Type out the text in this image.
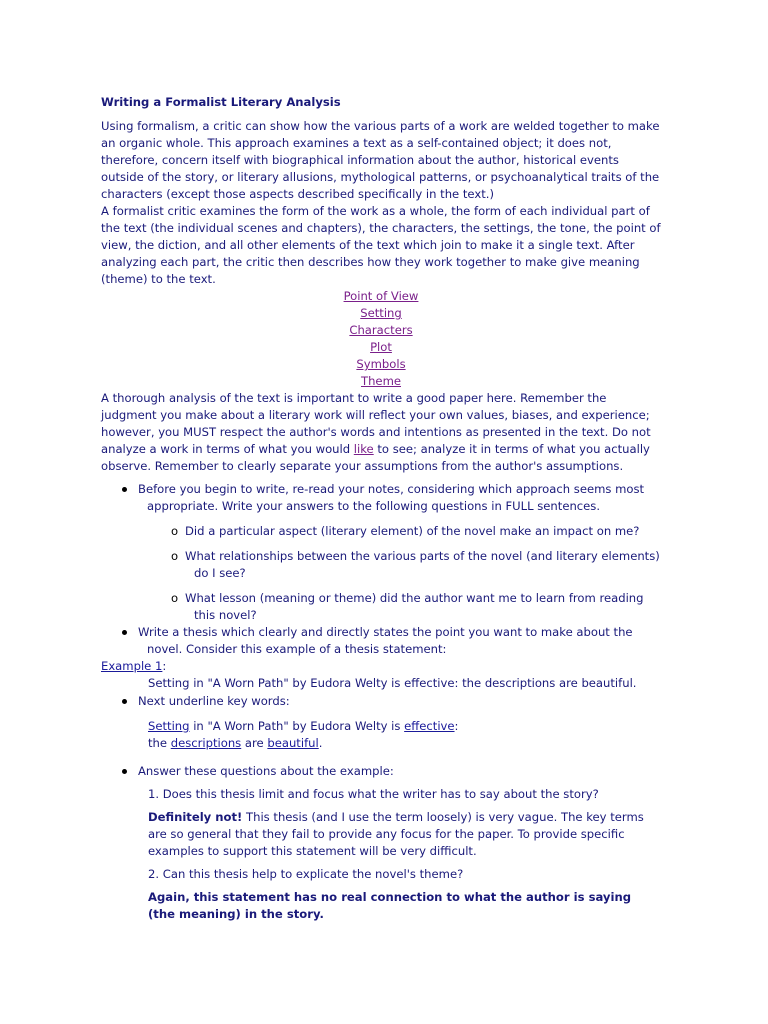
Writing a Formalist Literary Analysis

Using formalism, a critic can show how the various parts of a work are welded together to make an organic whole. This approach examines a text as a self-contained object; it does not, therefore, concern itself with biographical information about the author, historical events outside of the story, or literary allusions, mythological patterns, or psychoanalytical traits of the characters (except those aspects described specifically in the text.)

A formalist critic examines the form of the work as a whole, the form of each individual part of the text (the individual scenes and chapters), the characters, the settings, the tone, the point of view, the diction, and all other elements of the text which join to make it a single text. After analyzing each part, the critic then describes how they work together to make give meaning (theme) to the text.

Point of View
Setting
Characters
Plot
Symbols
Theme

A thorough analysis of the text is important to write a good paper here. Remember the judgment you make about a literary work will reflect your own values, biases, and experience; however, you MUST respect the author's words and intentions as presented in the text. Do not analyze a work in terms of what you would like to see; analyze it in terms of what you actually observe. Remember to clearly separate your assumptions from the author's assumptions.

Before you begin to write, re-read your notes, considering which approach seems most appropriate. Write your answers to the following questions in FULL sentences.
o Did a particular aspect (literary element) of the novel make an impact on me?
o What relationships between the various parts of the novel (and literary elements) do I see?
o What lesson (meaning or theme) did the author want me to learn from reading this novel?
Write a thesis which clearly and directly states the point you want to make about the novel. Consider this example of a thesis statement:

Example 1:

Setting in "A Worn Path" by Eudora Welty is effective: the descriptions are beautiful.

Next underline key words:

Setting in "A Worn Path" by Eudora Welty is effective:
the descriptions are beautiful.

Answer these questions about the example:

1. Does this thesis limit and focus what the writer has to say about the story?

Definitely not! This thesis (and I use the term loosely) is very vague. The key terms are so general that they fail to provide any focus for the paper. To provide specific examples to support this statement will be very difficult.

2. Can this thesis help to explicate the novel's theme?

Again, this statement has no real connection to what the author is saying (the meaning) in the story.
